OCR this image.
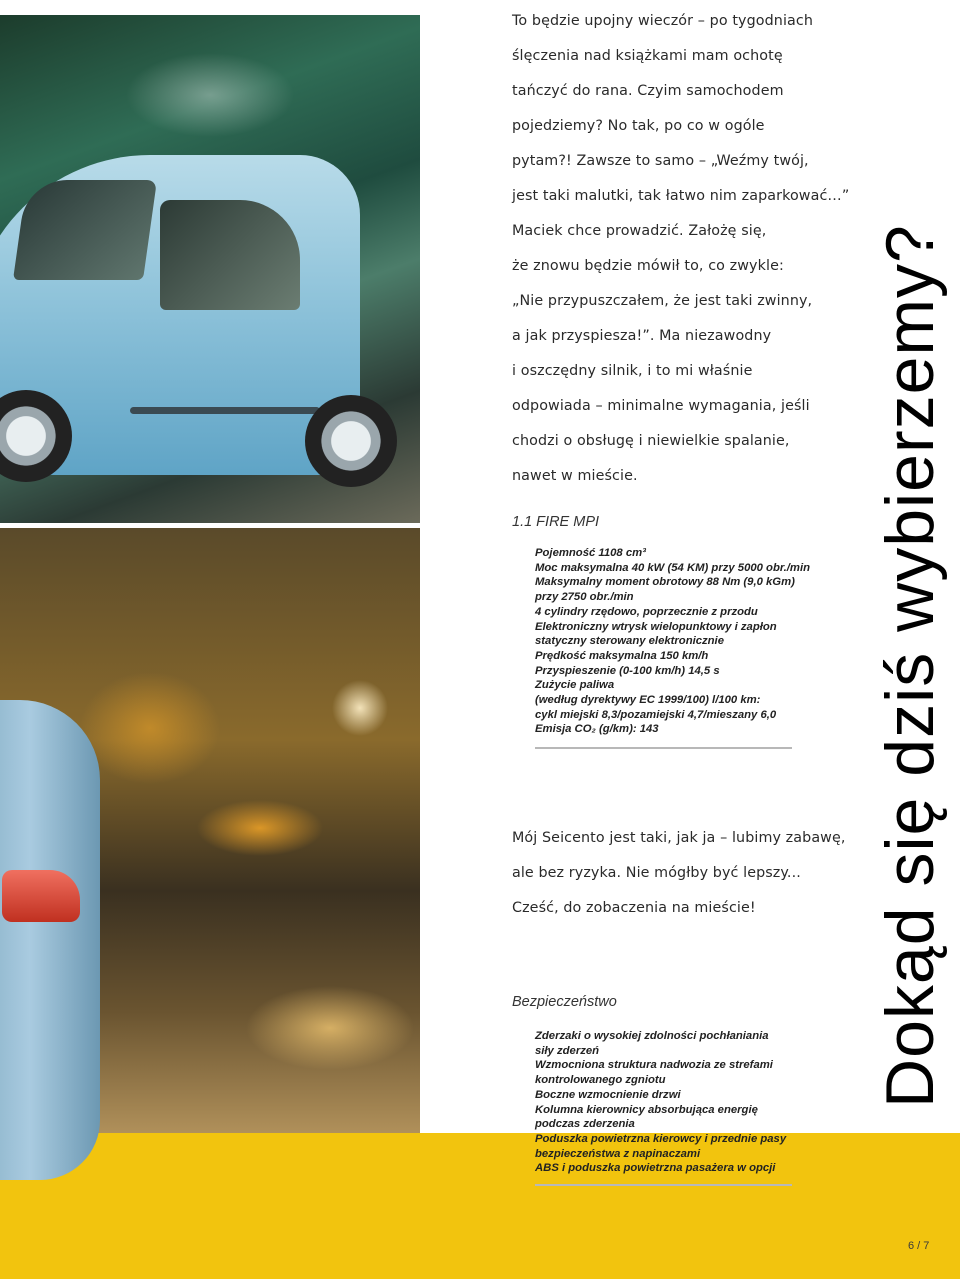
To będzie upojny wieczór – po tygodniach

ślęczenia nad książkami mam ochotę

tańczyć do rana. Czyim samochodem

pojedziemy? No tak, po co w ogóle

pytam?! Zawsze to samo – „Weźmy twój,

jest taki malutki, tak łatwo nim zaparkować…”

Maciek chce prowadzić. Założę się,

że znowu będzie mówił to, co zwykle:

„Nie przypuszczałem, że jest taki zwinny,

a jak przyspiesza!”. Ma niezawodny

i oszczędny silnik, i to mi właśnie

odpowiada – minimalne wymagania, jeśli

chodzi o obsługę i niewielkie spalanie,

nawet w mieście.

1.1 FIRE MPI
Pojemność 1108 cm³
Moc maksymalna 40 kW (54 KM) przy 5000 obr./min
Maksymalny moment obrotowy 88 Nm (9,0 kGm)
przy 2750 obr./min
4 cylindry rzędowo, poprzecznie z przodu
Elektroniczny wtrysk wielopunktowy i zapłon
statyczny sterowany elektronicznie
Prędkość maksymalna 150 km/h
Przyspieszenie (0-100 km/h) 14,5 s
Zużycie paliwa
(według dyrektywy EC 1999/100) l/100 km:
cykl miejski 8,3/pozamiejski 4,7/mieszany 6,0
Emisja CO₂ (g/km): 143

Mój Seicento jest taki, jak ja – lubimy zabawę,

ale bez ryzyka. Nie mógłby być lepszy...

Cześć, do zobaczenia na mieście!

Bezpieczeństwo
Zderzaki o wysokiej zdolności pochłaniania
siły zderzeń
Wzmocniona struktura nadwozia ze strefami
kontrolowanego zgniotu
Boczne wzmocnienie drzwi
Kolumna kierownicy absorbująca energię
podczas zderzenia
Poduszka powietrzna kierowcy i przednie pasy
bezpieczeństwa z napinaczami
ABS i poduszka powietrzna pasażera w opcji
Dokąd się dziś wybierzemy?
6 / 7
